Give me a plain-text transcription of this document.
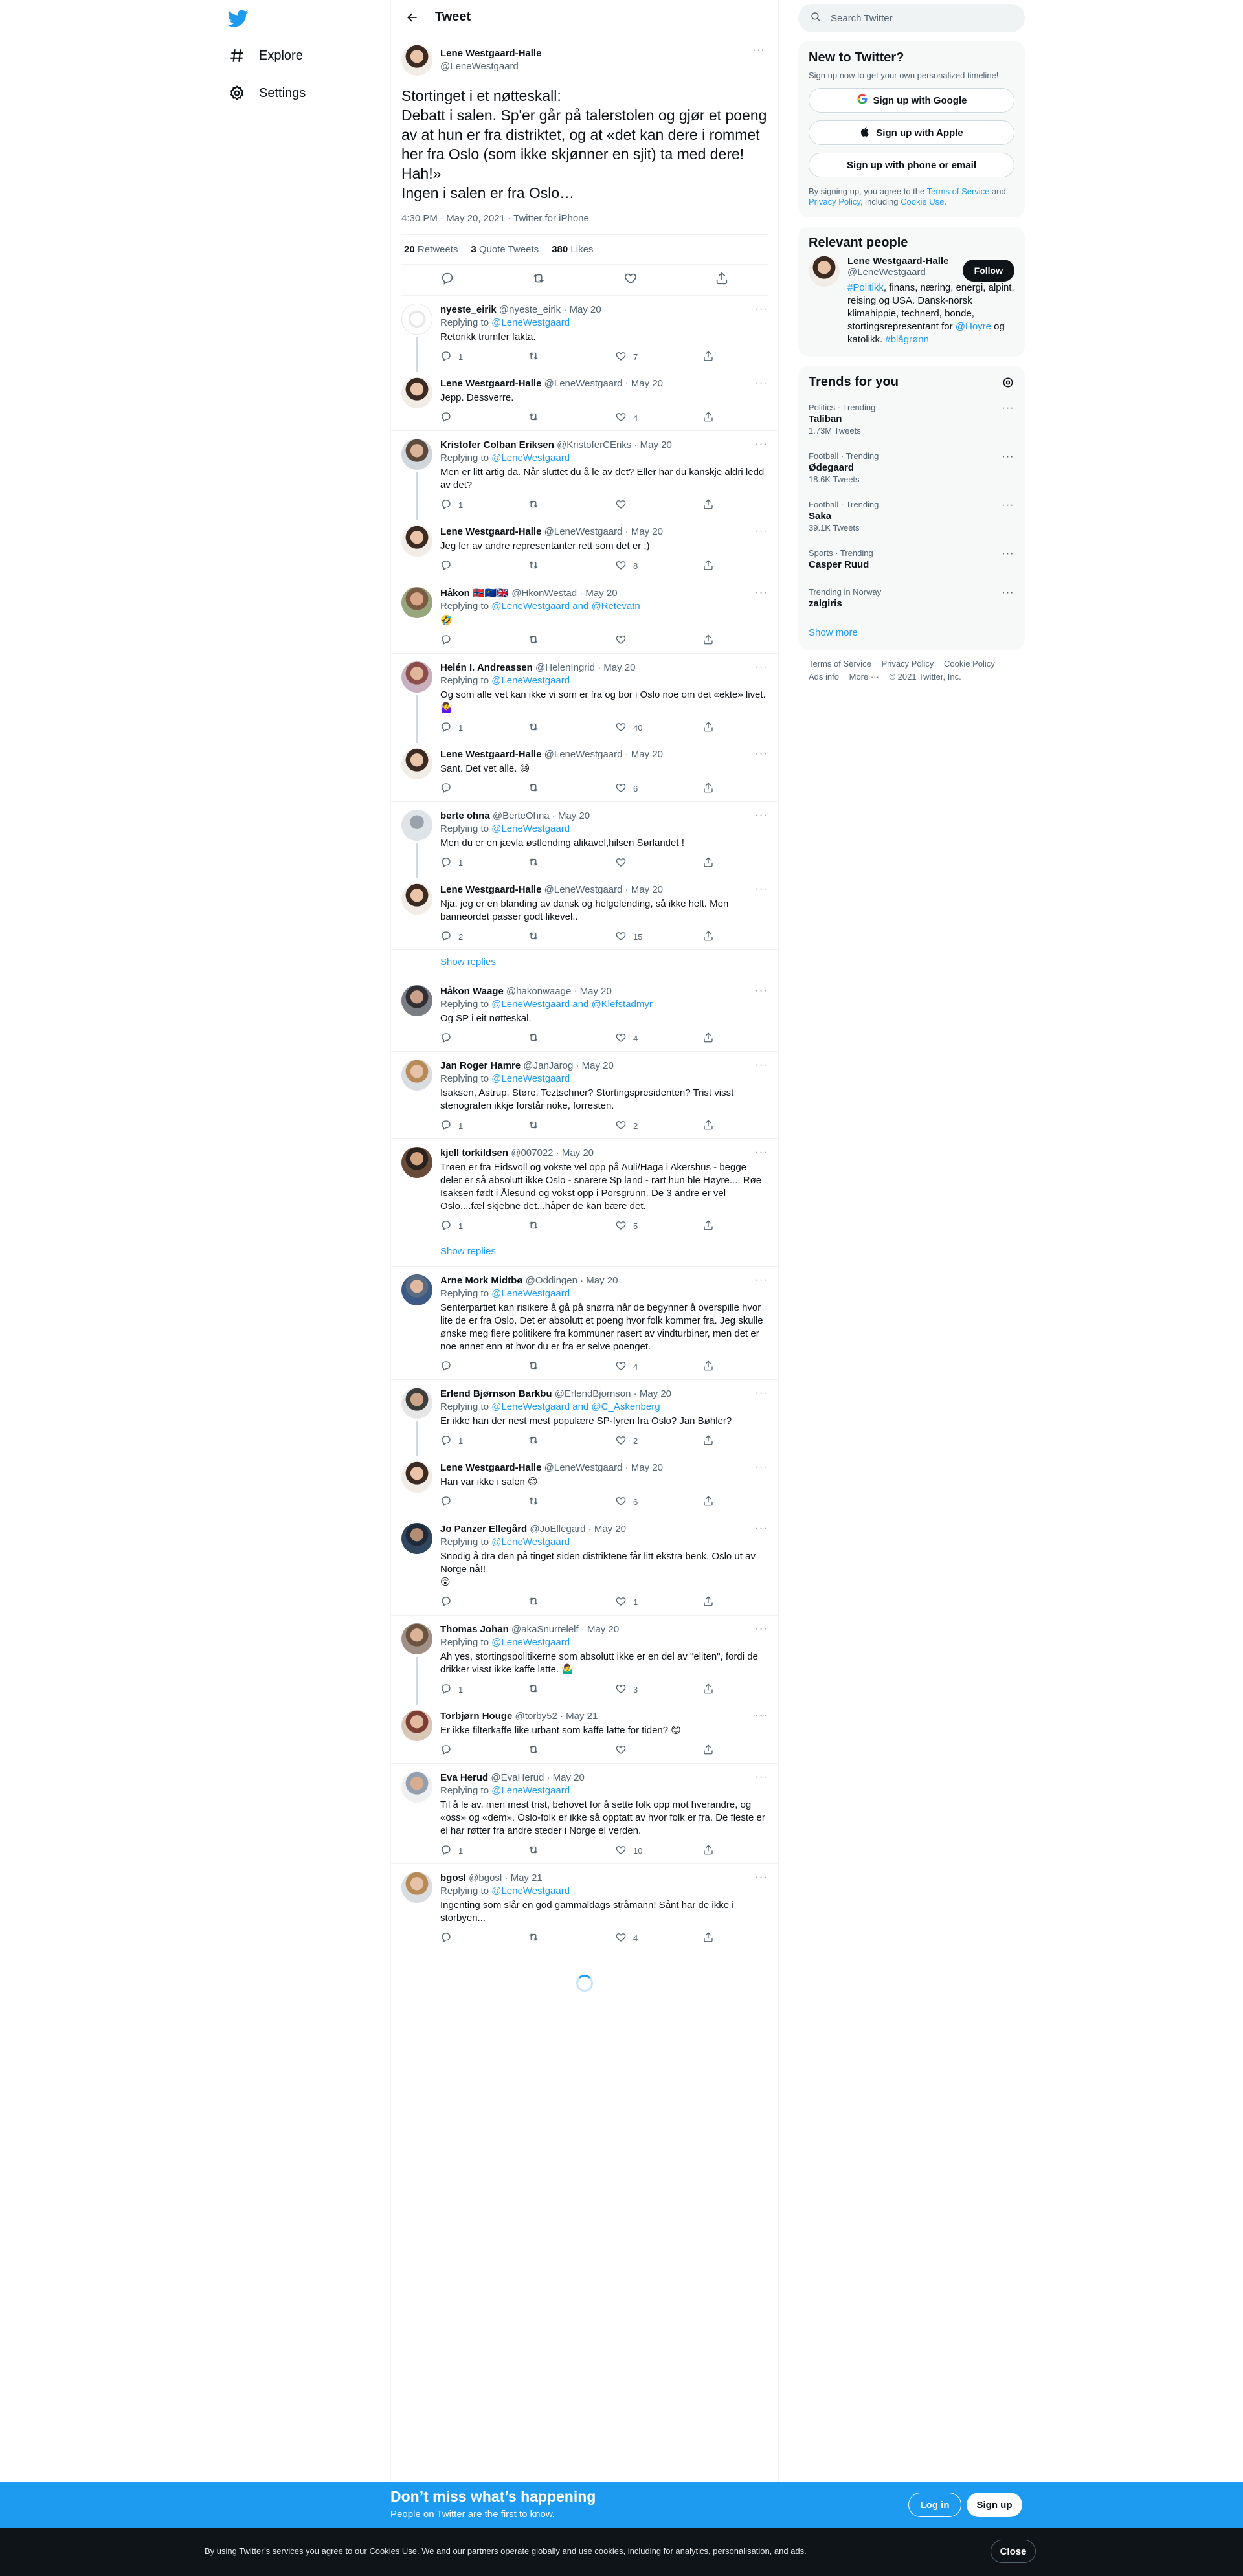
Explore
Settings
Tweet
Lene Westgaard-Halle
@LeneWestgaard
···
Stortinget i et nøtteskall:
Debatt i salen. Sp'er går på talerstolen og gjør et poeng av at hun er fra distriktet, og at «det kan dere i rommet her fra Oslo (som ikke skjønner en sjit) ta med dere! Hah!»
Ingen i salen er fra Oslo…
4:30 PM · May 20, 2021 · Twitter for iPhone
20 Retweets 3 Quote Tweets 380 Likes
···
nyeste_eirik @nyeste_eirik · May 20
Replying to @LeneWestgaard
Retorikk trumfer fakta.
1	7
···
Lene Westgaard-Halle @LeneWestgaard · May 20
Jepp. Dessverre.
4
···
Kristofer Colban Eriksen @KristoferCEriks · May 20
Replying to @LeneWestgaard
Men er litt artig da. Når sluttet du å le av det? Eller har du kanskje aldri ledd av det?
1
···
Lene Westgaard-Halle @LeneWestgaard · May 20
Jeg ler av andre representanter rett som det er ;)
8
···
Håkon 🇳🇴🇪🇺🇬🇧 @HkonWestad · May 20
Replying to @LeneWestgaard and @Retevatn
🤣
···
Helén I. Andreassen @HelenIngrid · May 20
Replying to @LeneWestgaard
Og som alle vet kan ikke vi som er fra og bor i Oslo noe om det «ekte» livet. 🤷‍♀️
1	40
···
Lene Westgaard-Halle @LeneWestgaard · May 20
Sant. Det vet alle. 😄
6
···
berte ohna @BerteOhna · May 20
Replying to @LeneWestgaard
Men du er en jævla østlending alikavel,hilsen Sørlandet !
1
···
Lene Westgaard-Halle @LeneWestgaard · May 20
Nja, jeg er en blanding av dansk og helgelending, så ikke helt. Men banneordet passer godt likevel..
2	15
Show replies
···
Håkon Waage @hakonwaage · May 20
Replying to @LeneWestgaard and @Klefstadmyr
Og SP i eit nøtteskal.
4
···
Jan Roger Hamre @JanJarog · May 20
Replying to @LeneWestgaard
Isaksen, Astrup, Støre, Teztschner? Stortingspresidenten? Trist visst stenografen ikkje forstår noke, forresten.
1	2
···
kjell torkildsen @007022 · May 20
Trøen er fra Eidsvoll og vokste vel opp på Auli/Haga i Akershus - begge deler er så absolutt ikke Oslo - snarere Sp land - rart hun ble Høyre.... Røe Isaksen født i Ålesund og vokst opp i Porsgrunn. De 3 andre er vel Oslo....fæl skjebne det...håper de kan bære det.
1	5
Show replies
···
Arne Mork Midtbø @Oddingen · May 20
Replying to @LeneWestgaard
Senterpartiet kan risikere å gå på snørra når de begynner å overspille hvor lite de er fra Oslo. Det er absolutt et poeng hvor folk kommer fra. Jeg skulle ønske meg flere politikere fra kommuner rasert av vindturbiner, men det er noe annet enn at hvor du er fra er selve poenget.
4
···
Erlend Bjørnson Barkbu @ErlendBjornson · May 20
Replying to @LeneWestgaard and @C_Askenberg
Er ikke han der nest mest populære SP-fyren fra Oslo? Jan Bøhler?
1	2
···
Lene Westgaard-Halle @LeneWestgaard · May 20
Han var ikke i salen 😊
6
···
Jo Panzer Ellegård @JoEllegard · May 20
Replying to @LeneWestgaard
Snodig å dra den på tinget siden distriktene får litt ekstra benk. Oslo ut av Norge nå!!
😲
1
···
Thomas Johan @akaSnurrelelf · May 20
Replying to @LeneWestgaard
Ah yes, stortingspolitikerne som absolutt ikke er en del av "eliten", fordi de drikker visst ikke kaffe latte. 🤷‍♂️
1	3
···
Torbjørn Houge @torby52 · May 21
Er ikke filterkaffe like urbant som kaffe latte for tiden? 😊
···
Eva Herud @EvaHerud · May 20
Replying to @LeneWestgaard
Til å le av, men mest trist, behovet for å sette folk opp mot hverandre, og «oss» og «dem». Oslo-folk er ikke så opptatt av hvor folk er fra. De fleste er el har røtter fra andre steder i Norge el verden.
1	10
···
bgosl @bgosl · May 21
Replying to @LeneWestgaard
Ingenting som slår en god gammaldags stråmann! Sånt har de ikke i storbyen...
4
Search Twitter
New to Twitter?
Sign up now to get your own personalized timeline!
Sign up with Google
Sign up with Apple
Sign up with phone or email
By signing up, you agree to the Terms of Service and Privacy Policy, including Cookie Use.
Relevant people
Lene Westgaard-Halle
@LeneWestgaard
#Politikk, finans, næring, energi, alpint, reising og USA. Dansk-norsk klimahippie, technerd, bonde, stortingsrepresentant for @Hoyre og katolikk. #blågrønn
Follow
Trends for you
Politics · Trending
Taliban
1.73M Tweets
···
Football · Trending
Ødegaard
18.6K Tweets
···
Football · Trending
Saka
39.1K Tweets
···
Sports · Trending
Casper Ruud
···
Trending in Norway
zalgiris
···
Show more
Terms of Service Privacy Policy Cookie Policy
Ads info More ··· © 2021 Twitter, Inc.
Don’t miss what’s happening
People on Twitter are the first to know.
Log in	Sign up
By using Twitter’s services you agree to our Cookies Use. We and our partners operate globally and use cookies, including for analytics, personalisation, and ads.	Close
